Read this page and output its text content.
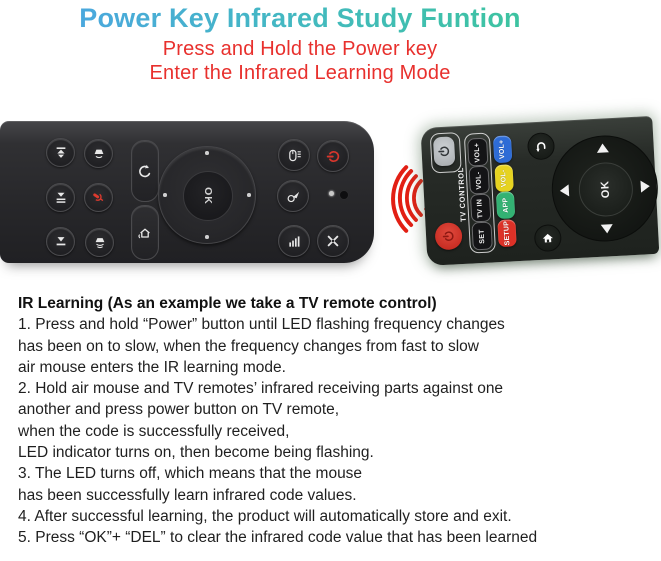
Power Key Infrared Study Funtion
Press and Hold the Power key
Enter the Infrared Learning Mode
OK	TV CONTROL
VOL+
VOL-
TV IN
SET
VOL+
VOL-
APP
SETUP
OK
IR Learning (As an example we take a TV remote control)
1. Press and hold “Power” button until LED flashing frequency changes
has been on to slow, when the frequency changes from fast to slow
air mouse enters the IR learning mode.
2. Hold air mouse and TV remotes’ infrared receiving parts against one
another and press power button on TV remote,
when the code is successfully received,
LED indicator turns on, then become being flashing.
3. The LED turns off, which means that the mouse
has been successfully learn infrared code values.
4. After successful learning, the product will automatically store and exit.
5. Press “OK”+ “DEL” to clear the infrared code value that has been learned
